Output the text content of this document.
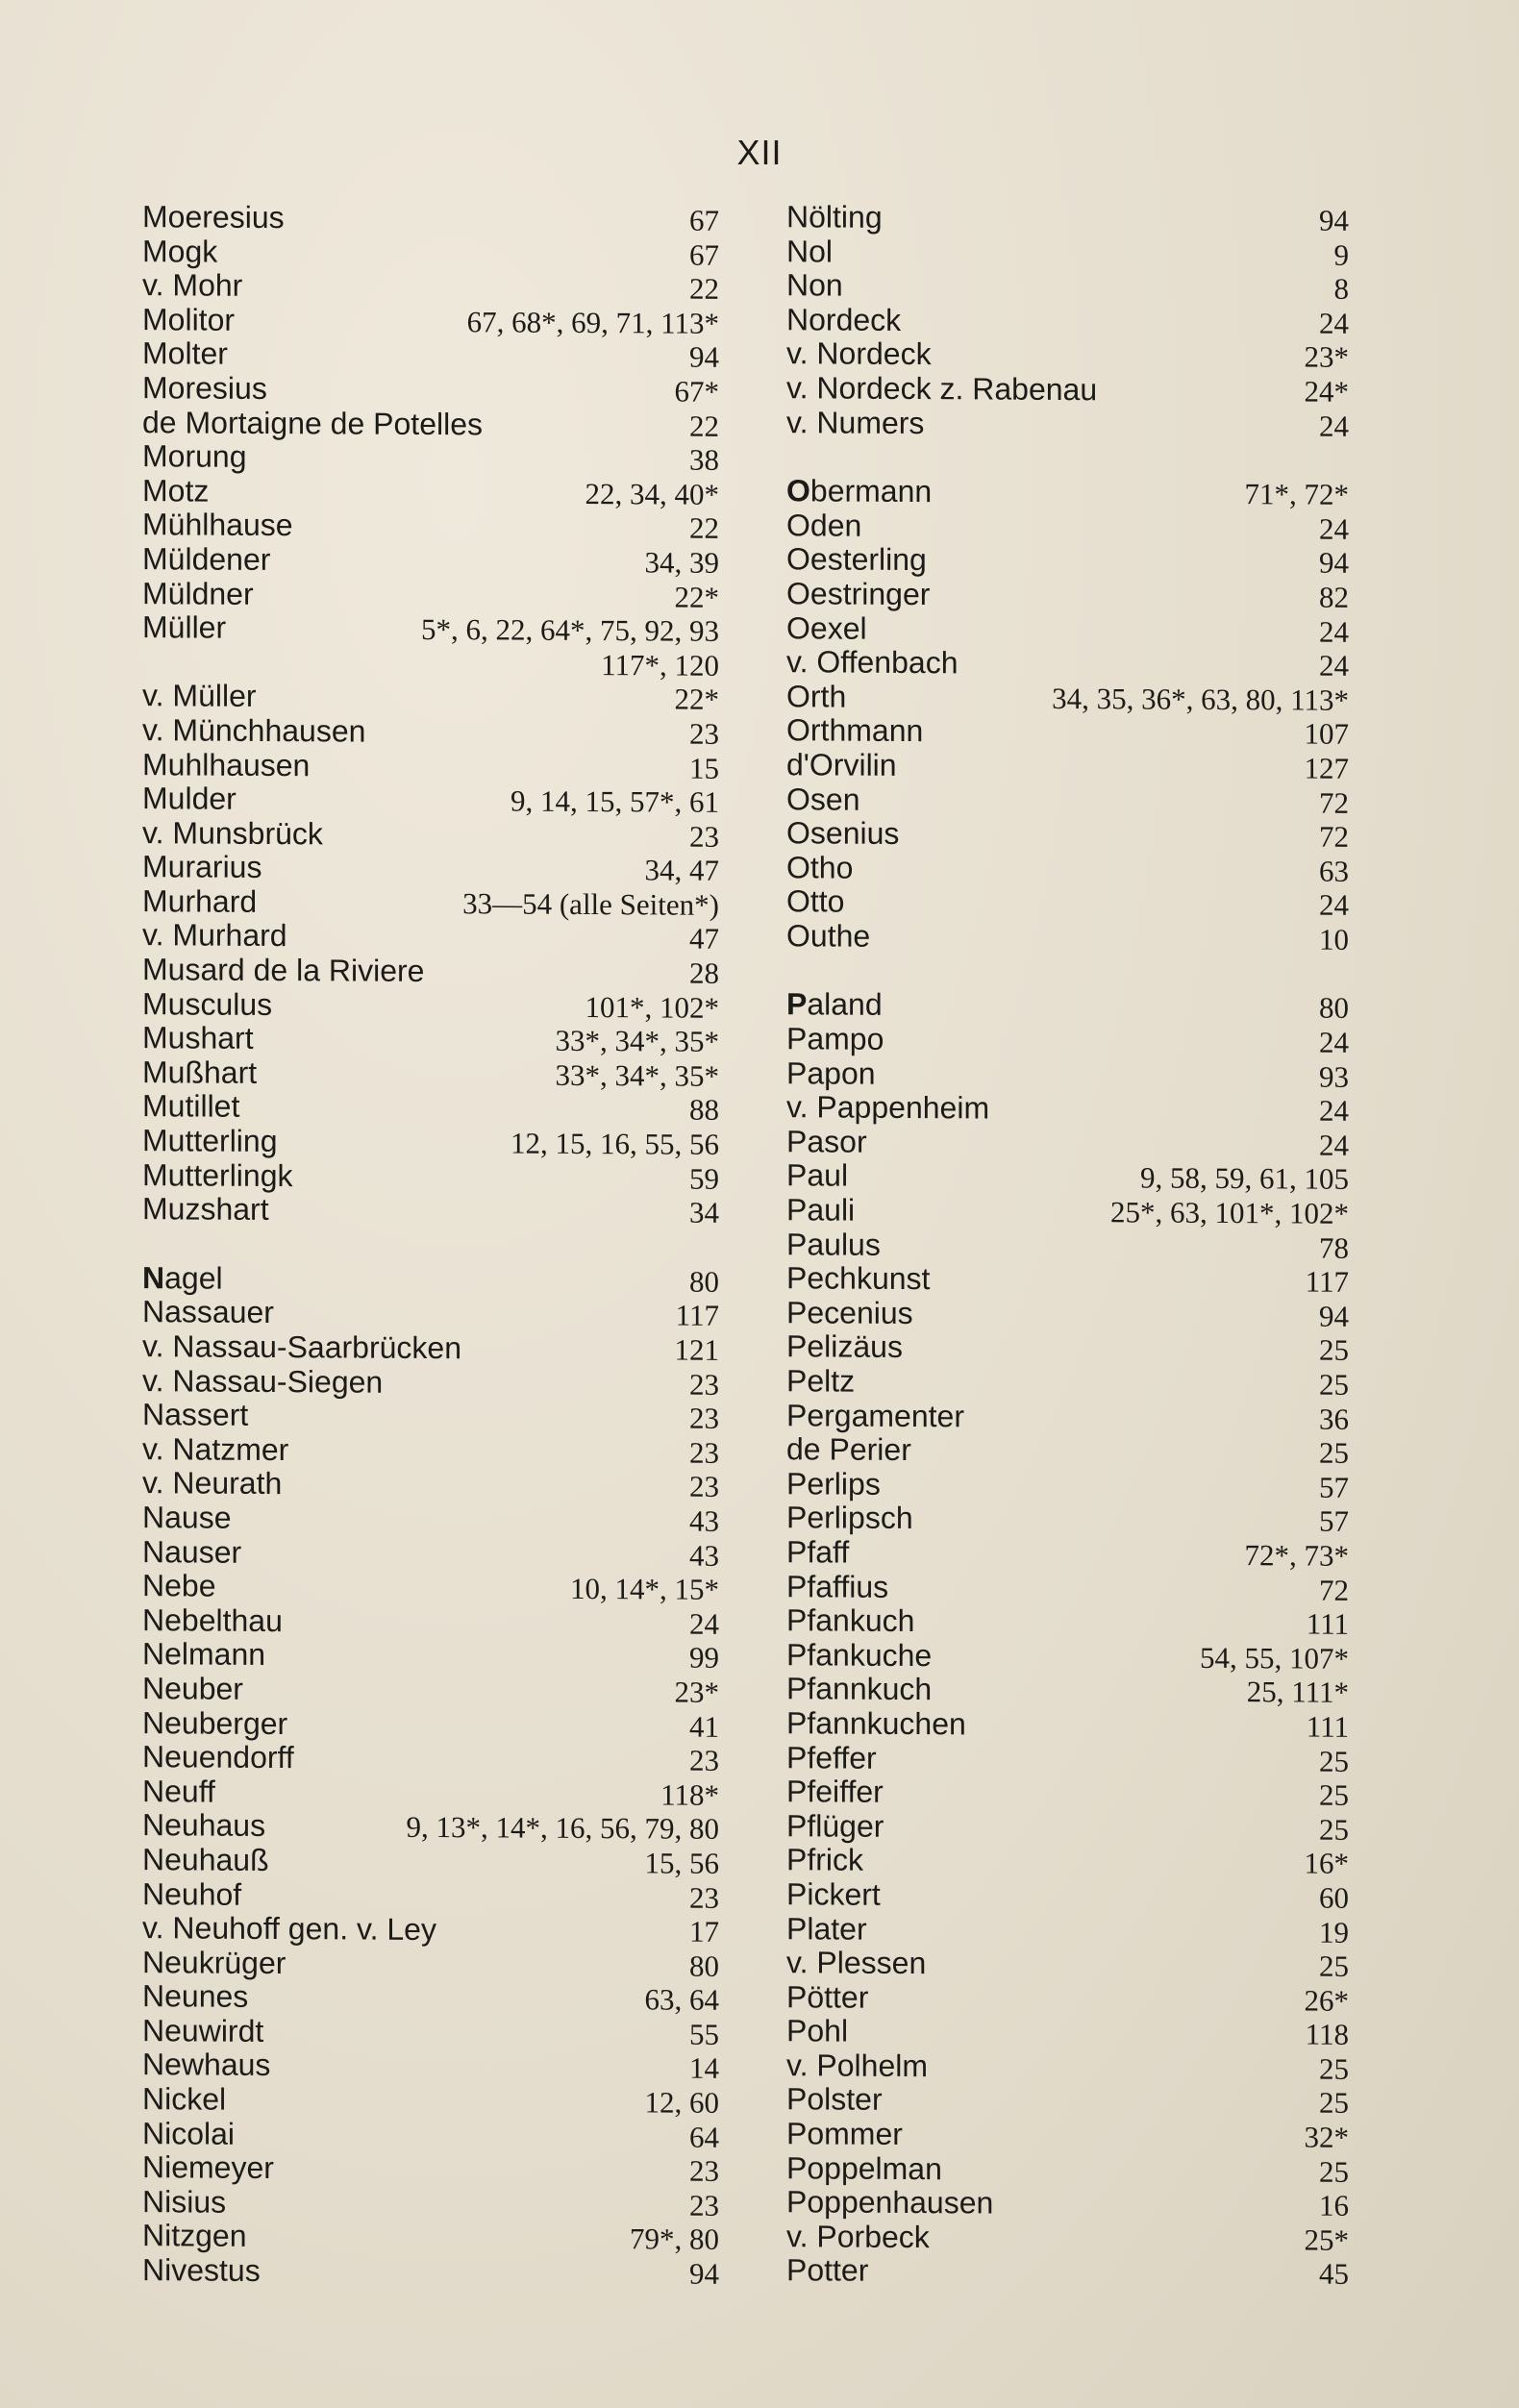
XII
Moeresius	67
Mogk	67
v. Mohr	22
Molitor	67, 68*, 69, 71, 113*
Molter	94
Moresius	67*
de Mortaigne de Potelles	22
Morung	38
Motz	22, 34, 40*
Mühlhause	22
Müldener	34, 39
Müldner	22*
Müller	5*, 6, 22, 64*, 75, 92, 93
117*, 120
v. Müller	22*
v. Münchhausen	23
Muhlhausen	15
Mulder	9, 14, 15, 57*, 61
v. Munsbrück	23
Murarius	34, 47
Murhard	33—54 (alle Seiten*)
v. Murhard	47
Musard de la Riviere	28
Musculus	101*, 102*
Mushart	33*, 34*, 35*
Mußhart	33*, 34*, 35*
Mutillet	88
Mutterling	12, 15, 16, 55, 56
Mutterlingk	59
Muzshart	34
Nagel	80
Nassauer	117
v. Nassau-Saarbrücken	121
v. Nassau-Siegen	23
Nassert	23
v. Natzmer	23
v. Neurath	23
Nause	43
Nauser	43
Nebe	10, 14*, 15*
Nebelthau	24
Nelmann	99
Neuber	23*
Neuberger	41
Neuendorff	23
Neuff	118*
Neuhaus	9, 13*, 14*, 16, 56, 79, 80
Neuhauß	15, 56
Neuhof	23
v. Neuhoff gen. v. Ley	17
Neukrüger	80
Neunes	63, 64
Neuwirdt	55
Newhaus	14
Nickel	12, 60
Nicolai	64
Niemeyer	23
Nisius	23
Nitzgen	79*, 80
Nivestus	94
Nölting	94
Nol	9
Non	8
Nordeck	24
v. Nordeck	23*
v. Nordeck z. Rabenau	24*
v. Numers	24
Obermann	71*, 72*
Oden	24
Oesterling	94
Oestringer	82
Oexel	24
v. Offenbach	24
Orth	34, 35, 36*, 63, 80, 113*
Orthmann	107
d'Orvilin	127
Osen	72
Osenius	72
Otho	63
Otto	24
Outhe	10
Paland	80
Pampo	24
Papon	93
v. Pappenheim	24
Pasor	24
Paul	9, 58, 59, 61, 105
Pauli	25*, 63, 101*, 102*
Paulus	78
Pechkunst	117
Pecenius	94
Pelizäus	25
Peltz	25
Pergamenter	36
de Perier	25
Perlips	57
Perlipsch	57
Pfaff	72*, 73*
Pfaffius	72
Pfankuch	111
Pfankuche	54, 55, 107*
Pfannkuch	25, 111*
Pfannkuchen	111
Pfeffer	25
Pfeiffer	25
Pflüger	25
Pfrick	16*
Pickert	60
Plater	19
v. Plessen	25
Pötter	26*
Pohl	118
v. Polhelm	25
Polster	25
Pommer	32*
Poppelman	25
Poppenhausen	16
v. Porbeck	25*
Potter	45
